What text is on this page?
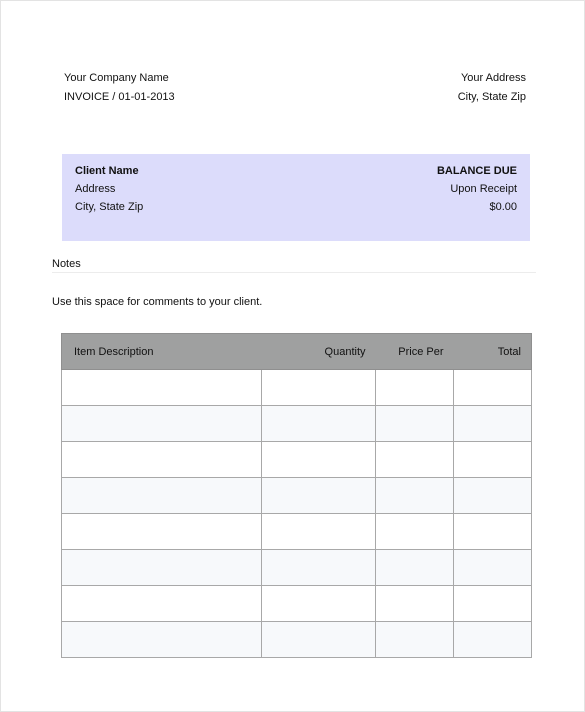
Your Company Name
INVOICE / 01-01-2013
Your Address
City, State Zip
Client Name
Address
City, State Zip
BALANCE DUE
Upon Receipt
$0.00
Notes
Use this space for comments to your client.
Item Description	Quantity	Price Per	Total
